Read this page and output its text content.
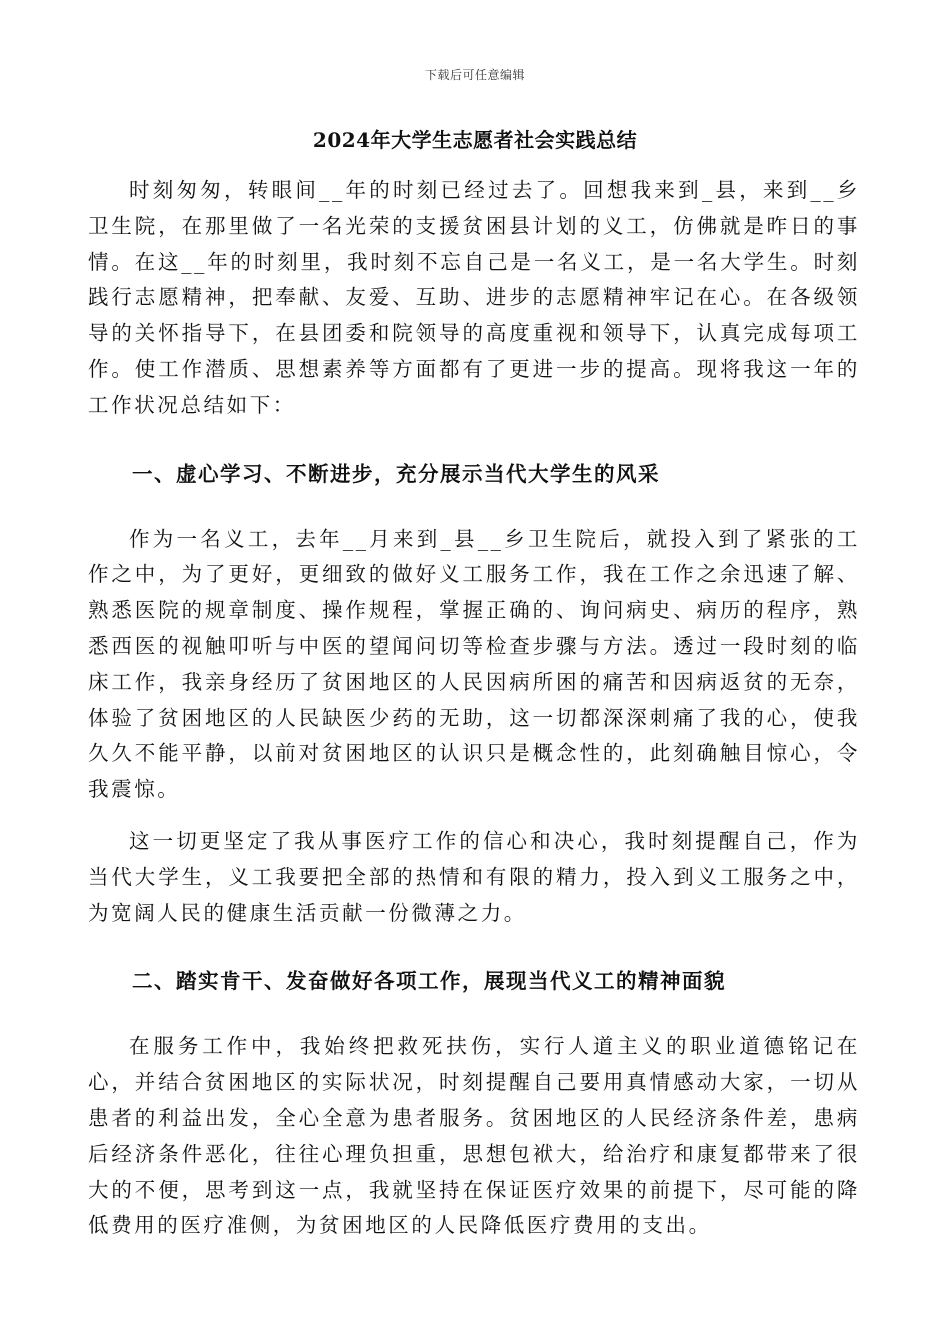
下载后可任意编辑
2024年大学生志愿者社会实践总结

时刻匆匆，转眼间__年的时刻已经过去了。回想我来到_县，来到__乡卫生院，在那里做了一名光荣的支援贫困县计划的义工，仿佛就是昨日的事情。在这__年的时刻里，我时刻不忘自己是一名义工，是一名大学生。时刻践行志愿精神，把奉献、友爱、互助、进步的志愿精神牢记在心。在各级领导的关怀指导下，在县团委和院领导的高度重视和领导下，认真完成每项工作。使工作潜质、思想素养等方面都有了更进一步的提高。现将我这一年的工作状况总结如下：

一、虚心学习、不断进步，充分展示当代大学生的风采

作为一名义工，去年__月来到_县__乡卫生院后，就投入到了紧张的工作之中，为了更好，更细致的做好义工服务工作，我在工作之余迅速了解、熟悉医院的规章制度、操作规程，掌握正确的、询问病史、病历的程序，熟悉西医的视触叩听与中医的望闻问切等检查步骤与方法。透过一段时刻的临床工作，我亲身经历了贫困地区的人民因病所困的痛苦和因病返贫的无奈，体验了贫困地区的人民缺医少药的无助，这一切都深深刺痛了我的心，使我久久不能平静，以前对贫困地区的认识只是概念性的，此刻确触目惊心，令我震惊。

这一切更坚定了我从事医疗工作的信心和决心，我时刻提醒自己，作为当代大学生，义工我要把全部的热情和有限的精力，投入到义工服务之中，为宽阔人民的健康生活贡献一份微薄之力。

二、踏实肯干、发奋做好各项工作，展现当代义工的精神面貌

在服务工作中，我始终把救死扶伤，实行人道主义的职业道德铭记在心，并结合贫困地区的实际状况，时刻提醒自己要用真情感动大家，一切从患者的利益出发，全心全意为患者服务。贫困地区的人民经济条件差，患病后经济条件恶化，往往心理负担重，思想包袱大，给治疗和康复都带来了很大的不便，思考到这一点，我就坚持在保证医疗效果的前提下，尽可能的降低费用的医疗准侧，为贫困地区的人民降低医疗费用的支出。
